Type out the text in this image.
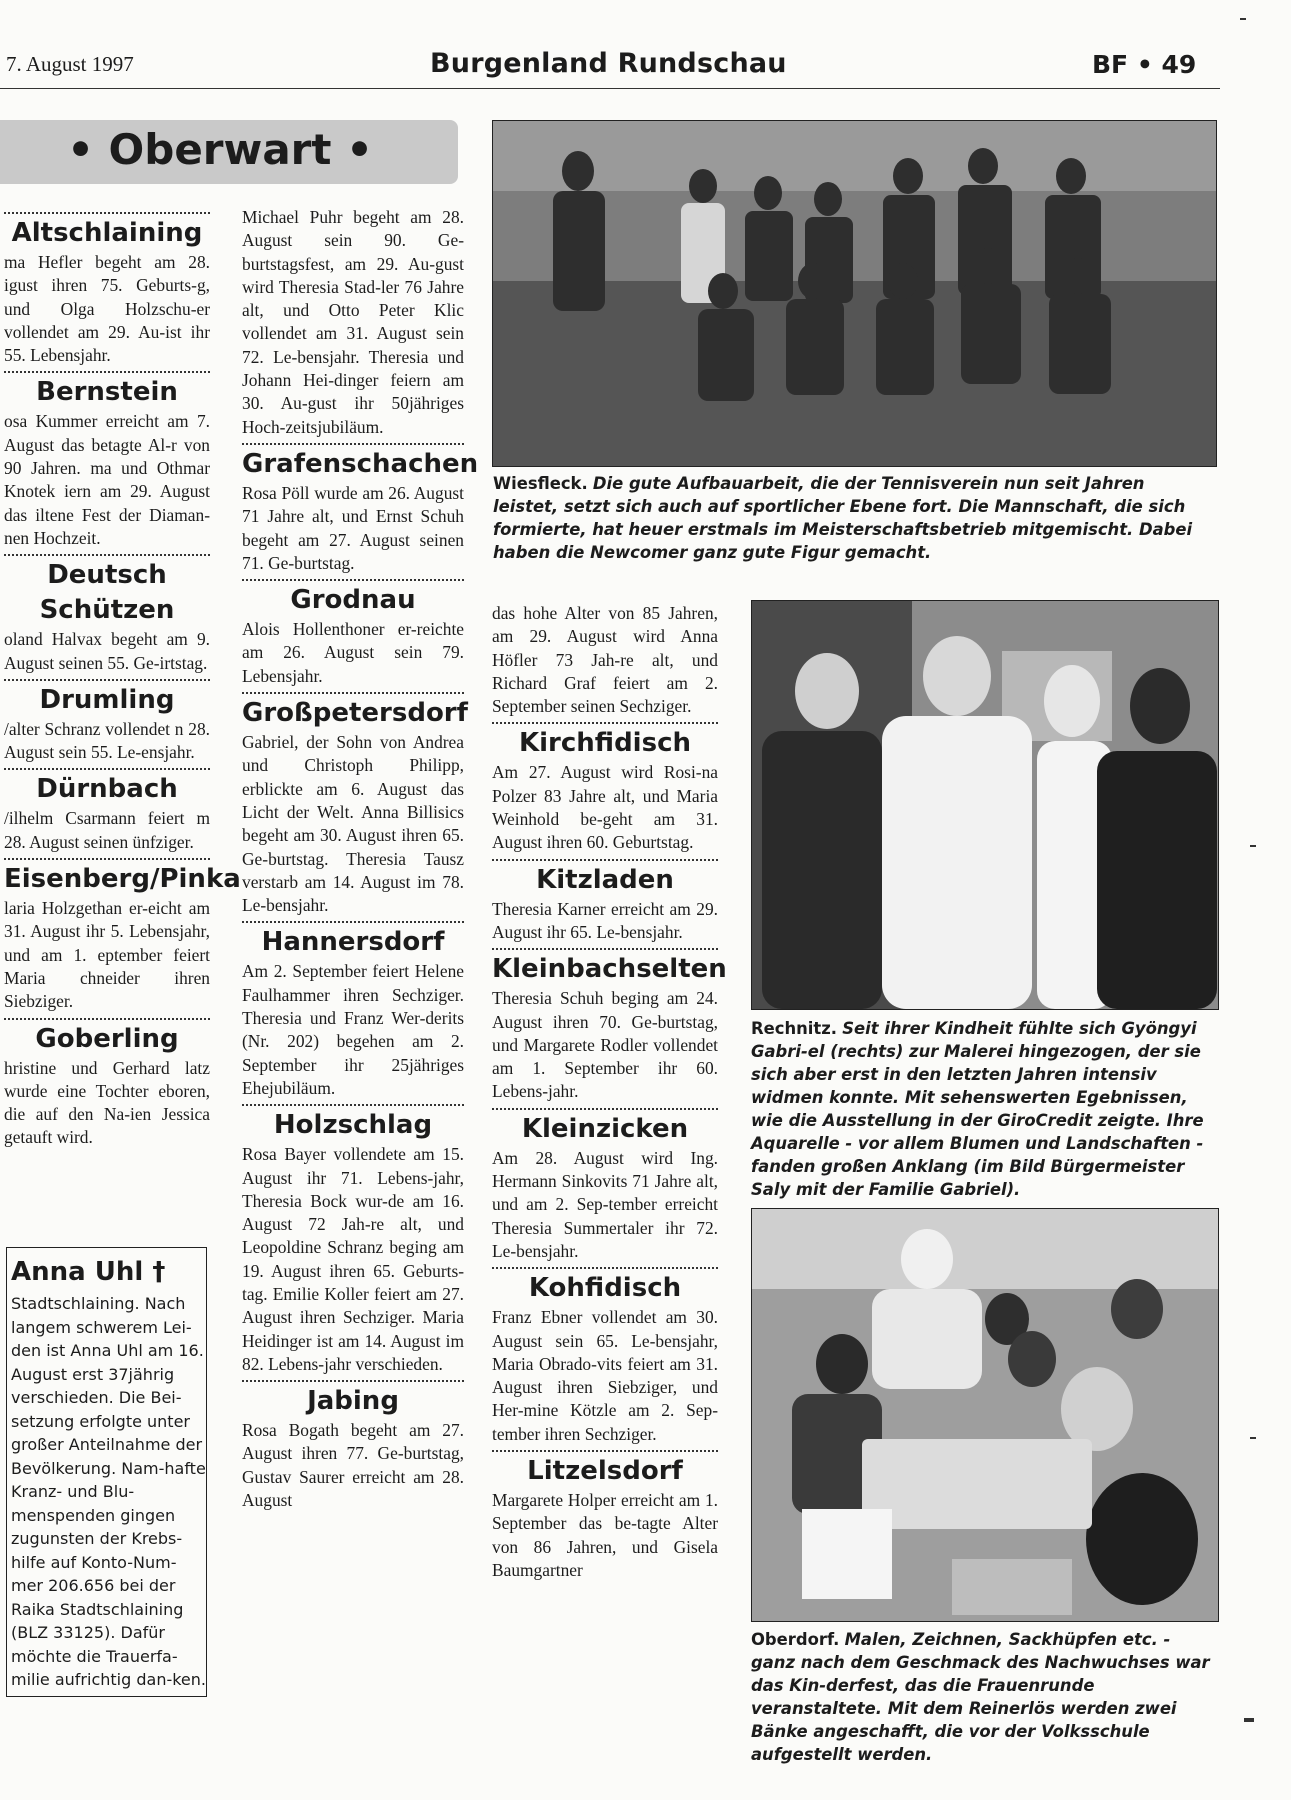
7. August 1997	Burgenland Rundschau	BF • 49
• Oberwart •
Altschlaining

ma Hefler begeht am 28. igust ihren 75. Geburts-g, und Olga Holzschu-er vollendet am 29. Au-ist ihr 55. Lebensjahr.

Bernstein

osa Kummer erreicht am 7. August das betagte Al-r von 90 Jahren. ma und Othmar Knotek iern am 29. August das iltene Fest der Diaman-nen Hochzeit.

Deutsch Schützen

oland Halvax begeht am 9. August seinen 55. Ge-irtstag.

Drumling

/alter Schranz vollendet n 28. August sein 55. Le-ensjahr.

Dürnbach

/ilhelm Csarmann feiert m 28. August seinen ünfziger.

Eisenberg/Pinka

laria Holzgethan er-eicht am 31. August ihr 5. Lebensjahr, und am 1. eptember feiert Maria chneider ihren Siebziger.

Goberling

hristine und Gerhard latz wurde eine Tochter eboren, die auf den Na-ien Jessica getauft wird.

Anna Uhl †
Stadtschlaining. Nach langem schwerem Lei-den ist Anna Uhl am 16. August erst 37jährig verschieden. Die Bei-setzung erfolgte unter großer Anteilnahme der Bevölkerung. Nam-hafte Kranz- und Blu-menspenden gingen zugunsten der Krebs-hilfe auf Konto-Num-mer 206.656 bei der Raika Stadtschlaining (BLZ 33125). Dafür möchte die Trauerfa-milie aufrichtig dan-ken.

Michael Puhr begeht am 28. August sein 90. Ge-burtstagsfest, am 29. Au-gust wird Theresia Stad-ler 76 Jahre alt, und Otto Peter Klic vollendet am 31. August sein 72. Le-bensjahr. Theresia und Johann Hei-dinger feiern am 30. Au-gust ihr 50jähriges Hoch-zeitsjubiläum.

Grafenschachen

Rosa Pöll wurde am 26. August 71 Jahre alt, und Ernst Schuh begeht am 27. August seinen 71. Ge-burtstag.

Grodnau

Alois Hollenthoner er-reichte am 26. August sein 79. Lebensjahr.

Großpetersdorf

Gabriel, der Sohn von Andrea und Christoph Philipp, erblickte am 6. August das Licht der Welt. Anna Billisics begeht am 30. August ihren 65. Ge-burtstag. Theresia Tausz verstarb am 14. August im 78. Le-bensjahr.

Hannersdorf

Am 2. September feiert Helene Faulhammer ihren Sechziger. Theresia und Franz Wer-derits (Nr. 202) begehen am 2. September ihr 25jähriges Ehejubiläum.

Holzschlag

Rosa Bayer vollendete am 15. August ihr 71. Lebens-jahr, Theresia Bock wur-de am 16. August 72 Jah-re alt, und Leopoldine Schranz beging am 19. August ihren 65. Geburts-tag. Emilie Koller feiert am 27. August ihren Sechziger. Maria Heidinger ist am 14. August im 82. Lebens-jahr verschieden.

Jabing

Rosa Bogath begeht am 27. August ihren 77. Ge-burtstag, Gustav Saurer erreicht am 28. August

das hohe Alter von 85 Jahren, am 29. August wird Anna Höfler 73 Jah-re alt, und Richard Graf feiert am 2. September seinen Sechziger.

Kirchfidisch

Am 27. August wird Rosi-na Polzer 83 Jahre alt, und Maria Weinhold be-geht am 31. August ihren 60. Geburtstag.

Kitzladen

Theresia Karner erreicht am 29. August ihr 65. Le-bensjahr.

Kleinbachselten

Theresia Schuh beging am 24. August ihren 70. Ge-burtstag, und Margarete Rodler vollendet am 1. September ihr 60. Lebens-jahr.

Kleinzicken

Am 28. August wird Ing. Hermann Sinkovits 71 Jahre alt, und am 2. Sep-tember erreicht Theresia Summertaler ihr 72. Le-bensjahr.

Kohfidisch

Franz Ebner vollendet am 30. August sein 65. Le-bensjahr, Maria Obrado-vits feiert am 31. August ihren Siebziger, und Her-mine Kötzle am 2. Sep-tember ihren Sechziger.

Litzelsdorf

Margarete Holper erreicht am 1. September das be-tagte Alter von 86 Jahren, und Gisela Baumgartner

Wiesfleck. Die gute Aufbauarbeit, die der Tennisverein nun seit Jahren leistet, setzt sich auch auf sportlicher Ebene fort. Die Mannschaft, die sich formierte, hat heuer erstmals im Meisterschaftsbetrieb mitgemischt. Dabei haben die Newcomer ganz gute Figur gemacht.
Rechnitz. Seit ihrer Kindheit fühlte sich Gyöngyi Gabri-el (rechts) zur Malerei hingezogen, der sie sich aber erst in den letzten Jahren intensiv widmen konnte. Mit sehenswerten Egebnissen, wie die Ausstellung in der GiroCredit zeigte. Ihre Aquarelle - vor allem Blumen und Landschaften - fanden großen Anklang (im Bild Bürgermeister Saly mit der Familie Gabriel).
Oberdorf. Malen, Zeichnen, Sackhüpfen etc. - ganz nach dem Geschmack des Nachwuchses war das Kin-derfest, das die Frauenrunde veranstaltete. Mit dem Reinerlös werden zwei Bänke angeschafft, die vor der Volksschule aufgestellt werden.
